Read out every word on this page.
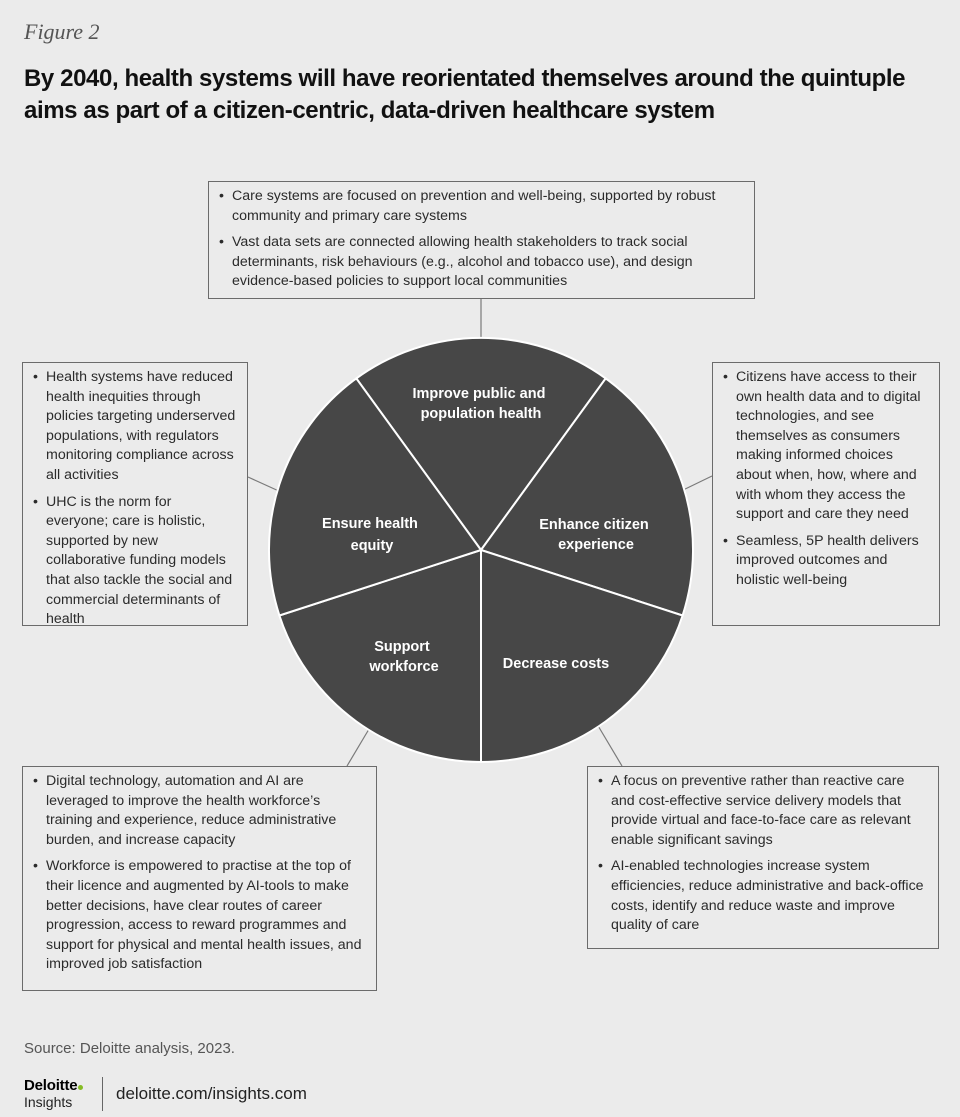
Figure 2
By 2040, health systems will have reorientated themselves around the quintuple aims as part of a citizen-centric, data-driven healthcare system
Improve public and population health
Enhance citizen experience
Decrease costs
Support workforce
Ensure health equity
• Care systems are focused on prevention and well-being, supported by robust community and primary care systems
• Vast data sets are connected allowing health stakeholders to track social determinants, risk behaviours (e.g., alcohol and tobacco use), and design evidence-based policies to support local communities
• Health systems have reduced health inequities through policies targeting underserved populations, with regulators monitoring compliance across all activities
• UHC is the norm for everyone; care is holistic, supported by new collaborative funding models that also tackle the social and commercial determinants of health
• Citizens have access to their own health data and to digital technologies, and see themselves as consumers making informed choices about when, how, where and with whom they access the support and care they need
• Seamless, 5P health delivers improved outcomes and holistic well-being
• Digital technology, automation and AI are leveraged to improve the health workforce’s training and experience, reduce administrative burden, and increase capacity
• Workforce is empowered to practise at the top of their licence and augmented by AI-tools to make better decisions, have clear routes of career progression, access to reward programmes and support for physical and mental health issues, and improved job satisfaction
• A focus on preventive rather than reactive care and cost-effective service delivery models that provide virtual and face-to-face care as relevant enable significant savings
• AI-enabled technologies increase system efficiencies, reduce administrative and back-office costs, identify and reduce waste and improve quality of care
Source: Deloitte analysis, 2023.
Deloitte
Insights	deloitte.com/insights.com
